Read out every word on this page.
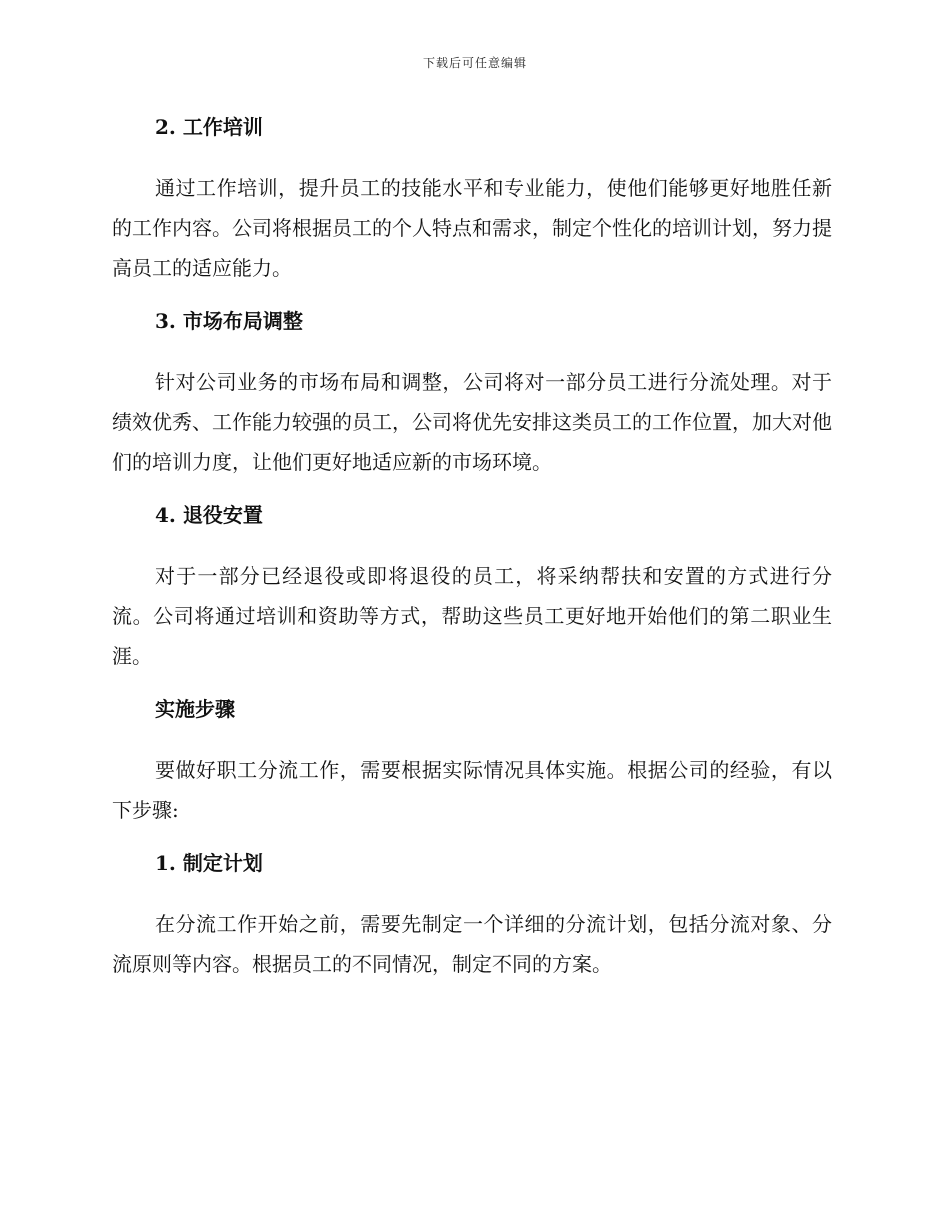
下载后可任意编辑
2. 工作培训

通过工作培训，提升员工的技能水平和专业能力，使他们能够更好地胜任新的工作内容。公司将根据员工的个人特点和需求，制定个性化的培训计划，努力提高员工的适应能力。

3. 市场布局调整

针对公司业务的市场布局和调整，公司将对一部分员工进行分流处理。对于绩效优秀、工作能力较强的员工，公司将优先安排这类员工的工作位置，加大对他们的培训力度，让他们更好地适应新的市场环境。

4. 退役安置

对于一部分已经退役或即将退役的员工，将采纳帮扶和安置的方式进行分流。公司将通过培训和资助等方式，帮助这些员工更好地开始他们的第二职业生涯。

实施步骤

要做好职工分流工作，需要根据实际情况具体实施。根据公司的经验，有以下步骤:

1. 制定计划

在分流工作开始之前，需要先制定一个详细的分流计划，包括分流对象、分流原则等内容。根据员工的不同情况，制定不同的方案。
